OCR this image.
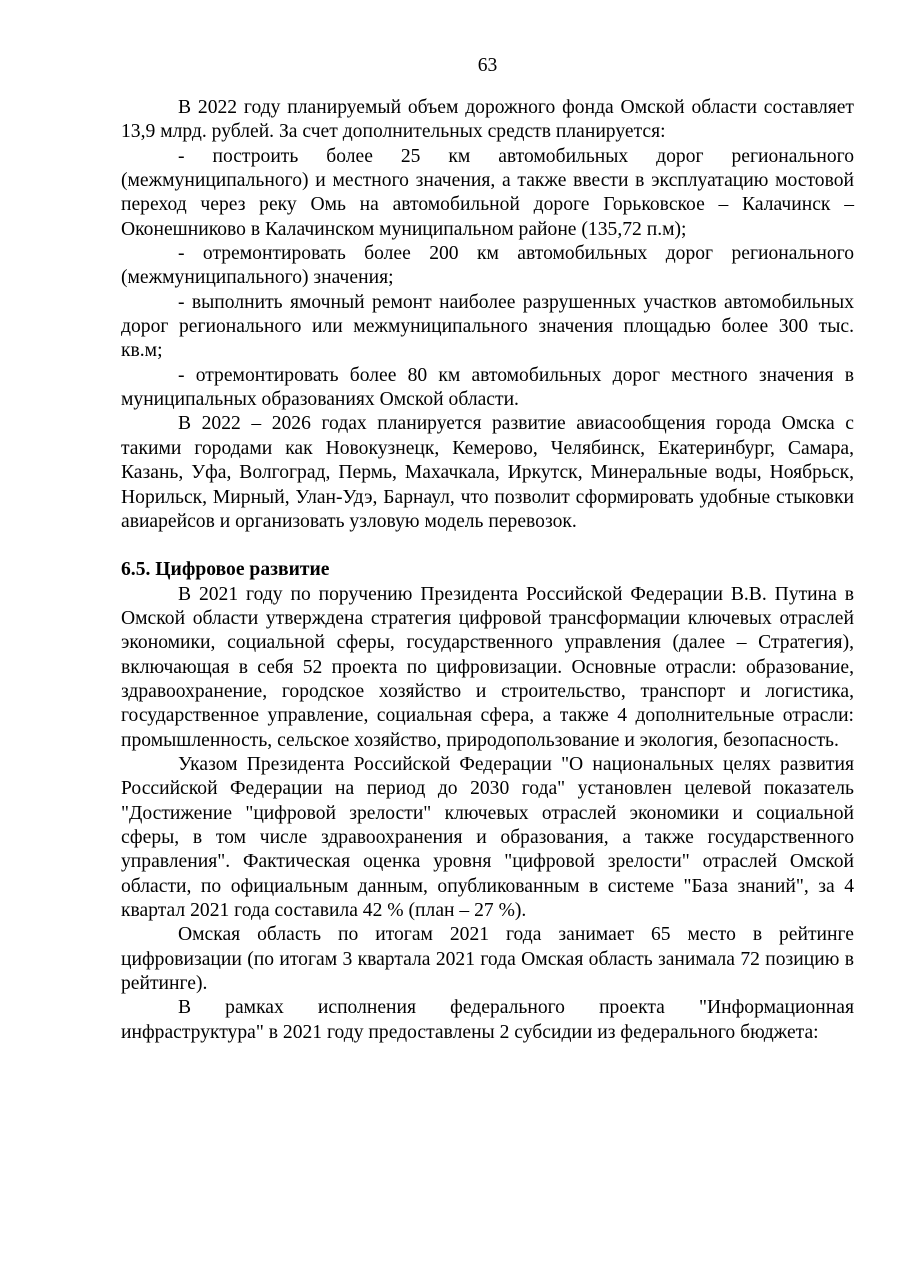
63

В 2022 году планируемый объем дорожного фонда Омской области составляет 13,9 млрд. рублей. За счет дополнительных средств планируется:

- построить более 25 км автомобильных дорог регионального (межмуниципального) и местного значения, а также ввести в эксплуатацию мостовой переход через реку Омь на автомобильной дороге Горьковское – Калачинск – Оконешниково в Калачинском муниципальном районе (135,72 п.м);

- отремонтировать более 200 км автомобильных дорог регионального (межмуниципального) значения;

- выполнить ямочный ремонт наиболее разрушенных участков автомобильных дорог регионального или межмуниципального значения площадью более 300 тыс. кв.м;

- отремонтировать более 80 км автомобильных дорог местного значения в муниципальных образованиях Омской области.

В 2022 – 2026 годах планируется развитие авиасообщения города Омска с такими городами как Новокузнецк, Кемерово, Челябинск, Екатеринбург, Самара, Казань, Уфа, Волгоград, Пермь, Махачкала, Иркутск, Минеральные воды, Ноябрьск, Норильск, Мирный, Улан-Удэ, Барнаул, что позволит сформировать удобные стыковки авиарейсов и организовать узловую модель перевозок.

6.5. Цифровое развитие

В 2021 году по поручению Президента Российской Федерации В.В. Путина в Омской области утверждена стратегия цифровой трансформации ключевых отраслей экономики, социальной сферы, государственного управления (далее – Стратегия), включающая в себя 52 проекта по цифровизации. Основные отрасли: образование, здравоохранение, городское хозяйство и строительство, транспорт и логистика, государственное управление, социальная сфера, а также 4 дополнительные отрасли: промышленность, сельское хозяйство, природопользование и экология, безопасность.

Указом Президента Российской Федерации "О национальных целях развития Российской Федерации на период до 2030 года" установлен целевой показатель "Достижение "цифровой зрелости" ключевых отраслей экономики и социальной сферы, в том числе здравоохранения и образования, а также государственного управления". Фактическая оценка уровня "цифровой зрелости" отраслей Омской области, по официальным данным, опубликованным в системе "База знаний", за 4 квартал 2021 года составила 42 % (план – 27 %).

Омская область по итогам 2021 года занимает 65 место в рейтинге цифровизации (по итогам 3 квартала 2021 года Омская область занимала 72 позицию в рейтинге).

В рамках исполнения федерального проекта "Информационная инфраструктура" в 2021 году предоставлены 2 субсидии из федерального бюджета:
